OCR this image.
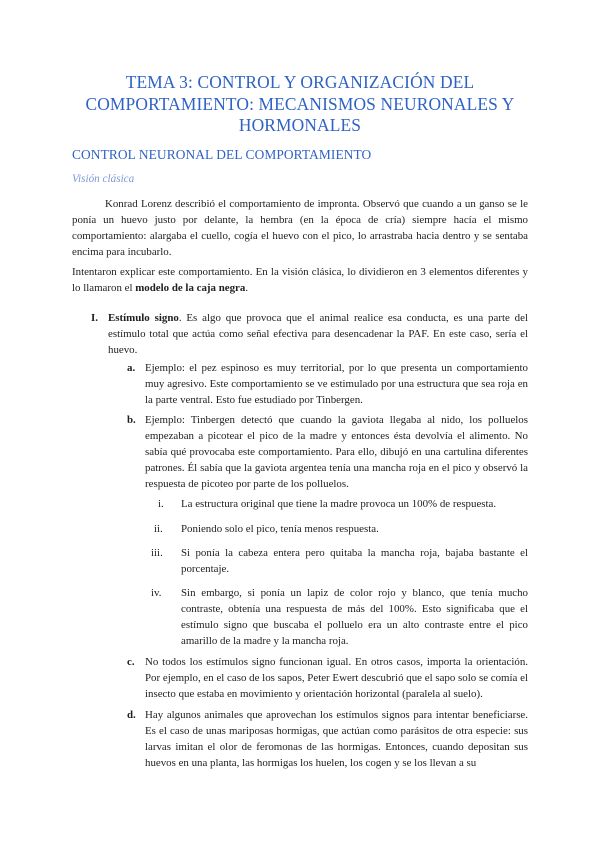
TEMA 3: CONTROL Y ORGANIZACIÓN DEL COMPORTAMIENTO: MECANISMOS NEURONALES Y HORMONALES
CONTROL NEURONAL DEL COMPORTAMIENTO
Visión clásica
Konrad Lorenz describió el comportamiento de impronta. Observó que cuando a un ganso se le ponía un huevo justo por delante, la hembra (en la época de cría) siempre hacía el mismo comportamiento: alargaba el cuello, cogía el huevo con el pico, lo arrastraba hacia dentro y se sentaba encima para incubarlo.
Intentaron explicar este comportamiento. En la visión clásica, lo dividieron en 3 elementos diferentes y lo llamaron el modelo de la caja negra.
I. Estímulo signo. Es algo que provoca que el animal realice esa conducta, es una parte del estímulo total que actúa como señal efectiva para desencadenar la PAF. En este caso, sería el huevo.
a. Ejemplo: el pez espinoso es muy territorial, por lo que presenta un comportamiento muy agresivo. Este comportamiento se ve estimulado por una estructura que sea roja en la parte ventral. Esto fue estudiado por Tinbergen.
b. Ejemplo: Tinbergen detectó que cuando la gaviota llegaba al nido, los polluelos empezaban a picotear el pico de la madre y entonces ésta devolvía el alimento. No sabía qué provocaba este comportamiento. Para ello, dibujó en una cartulina diferentes patrones. Él sabía que la gaviota argentea tenía una mancha roja en el pico y observó la respuesta de picoteo por parte de los polluelos.
i. La estructura original que tiene la madre provoca un 100% de respuesta.
ii. Poniendo solo el pico, tenía menos respuesta.
iii. Si ponía la cabeza entera pero quitaba la mancha roja, bajaba bastante el porcentaje.
iv. Sin embargo, si ponía un lapiz de color rojo y blanco, que tenía mucho contraste, obtenía una respuesta de más del 100%. Esto significaba que el estímulo signo que buscaba el polluelo era un alto contraste entre el pico amarillo de la madre y la mancha roja.
c. No todos los estímulos signo funcionan igual. En otros casos, importa la orientación. Por ejemplo, en el caso de los sapos, Peter Ewert descubrió que el sapo solo se comía el insecto que estaba en movimiento y orientación horizontal (paralela al suelo).
d. Hay algunos animales que aprovechan los estímulos signos para intentar beneficiarse. Es el caso de unas mariposas hormigas, que actúan como parásitos de otra especie: sus larvas imitan el olor de feromonas de las hormigas. Entonces, cuando depositan sus huevos en una planta, las hormigas los huelen, los cogen y se los llevan a su
